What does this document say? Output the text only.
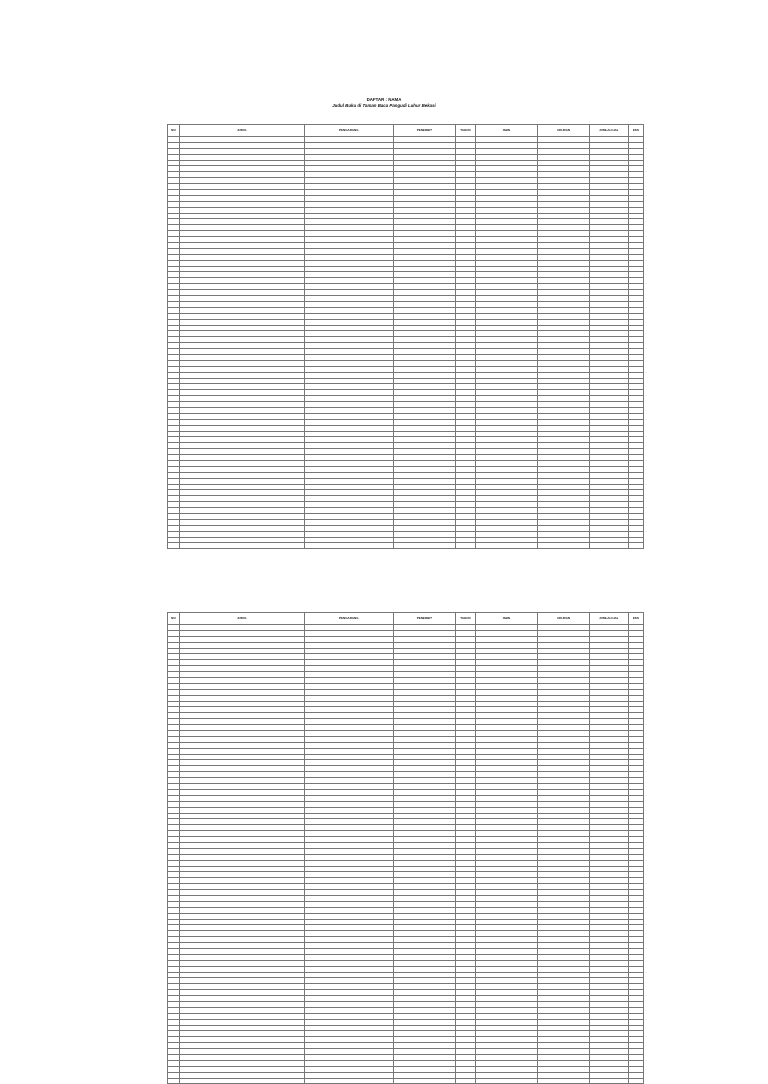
DAFTAR : NAMA
Judul Buku di Taman Baca Pangudi Luhur Bekasi
NO	JUDUL	PENGARANG	PENERBIT	TAHUN	ISBN	UKURAN	JUMLAH HAL	EKS

NO	JUDUL	PENGARANG	PENERBIT	TAHUN	ISBN	UKURAN	JUMLAH HAL	EKS
